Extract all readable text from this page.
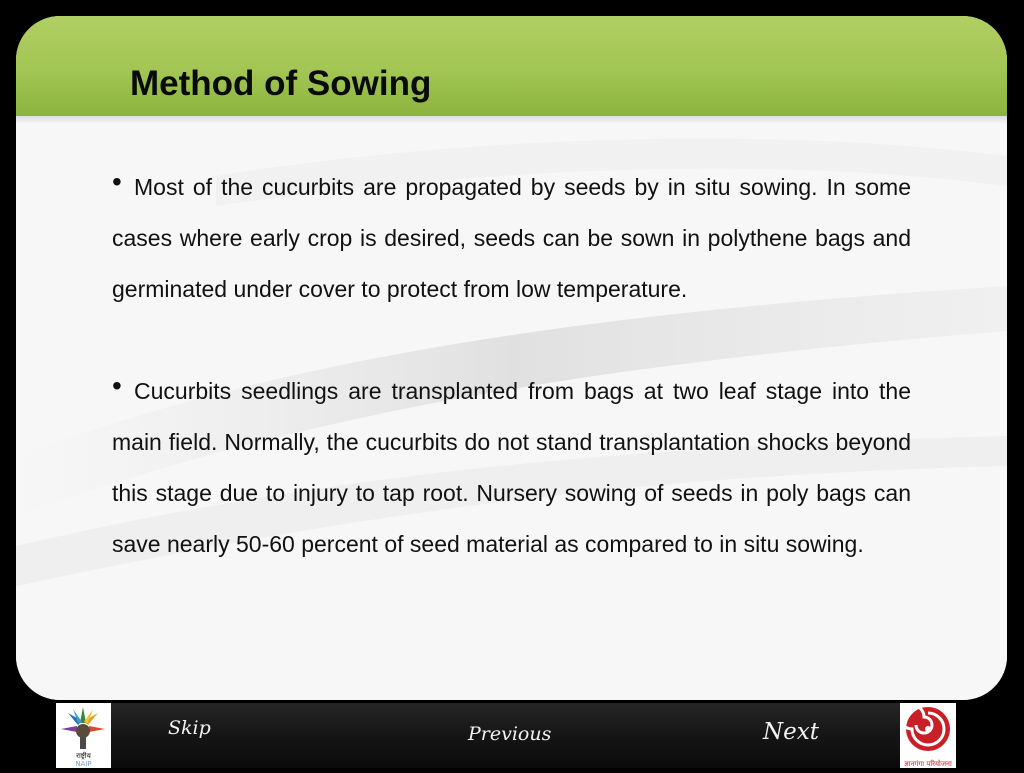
Method of Sowing

• Most of the cucurbits are propagated by seeds by in situ sowing. In some cases where early crop is desired, seeds can be sown in polythene bags and germinated under cover to protect from low temperature.

• Cucurbits seedlings are transplanted from bags at two leaf stage into the main field. Normally, the cucurbits do not stand transplantation shocks beyond this stage due to injury to tap root. Nursery sowing of seeds in poly bags can save nearly 50-60 percent of seed material as compared to in situ sowing.

राष्ट्रीय
NAIP
Skip	Previous	Next
ज्ञानगंगा परियोजना
